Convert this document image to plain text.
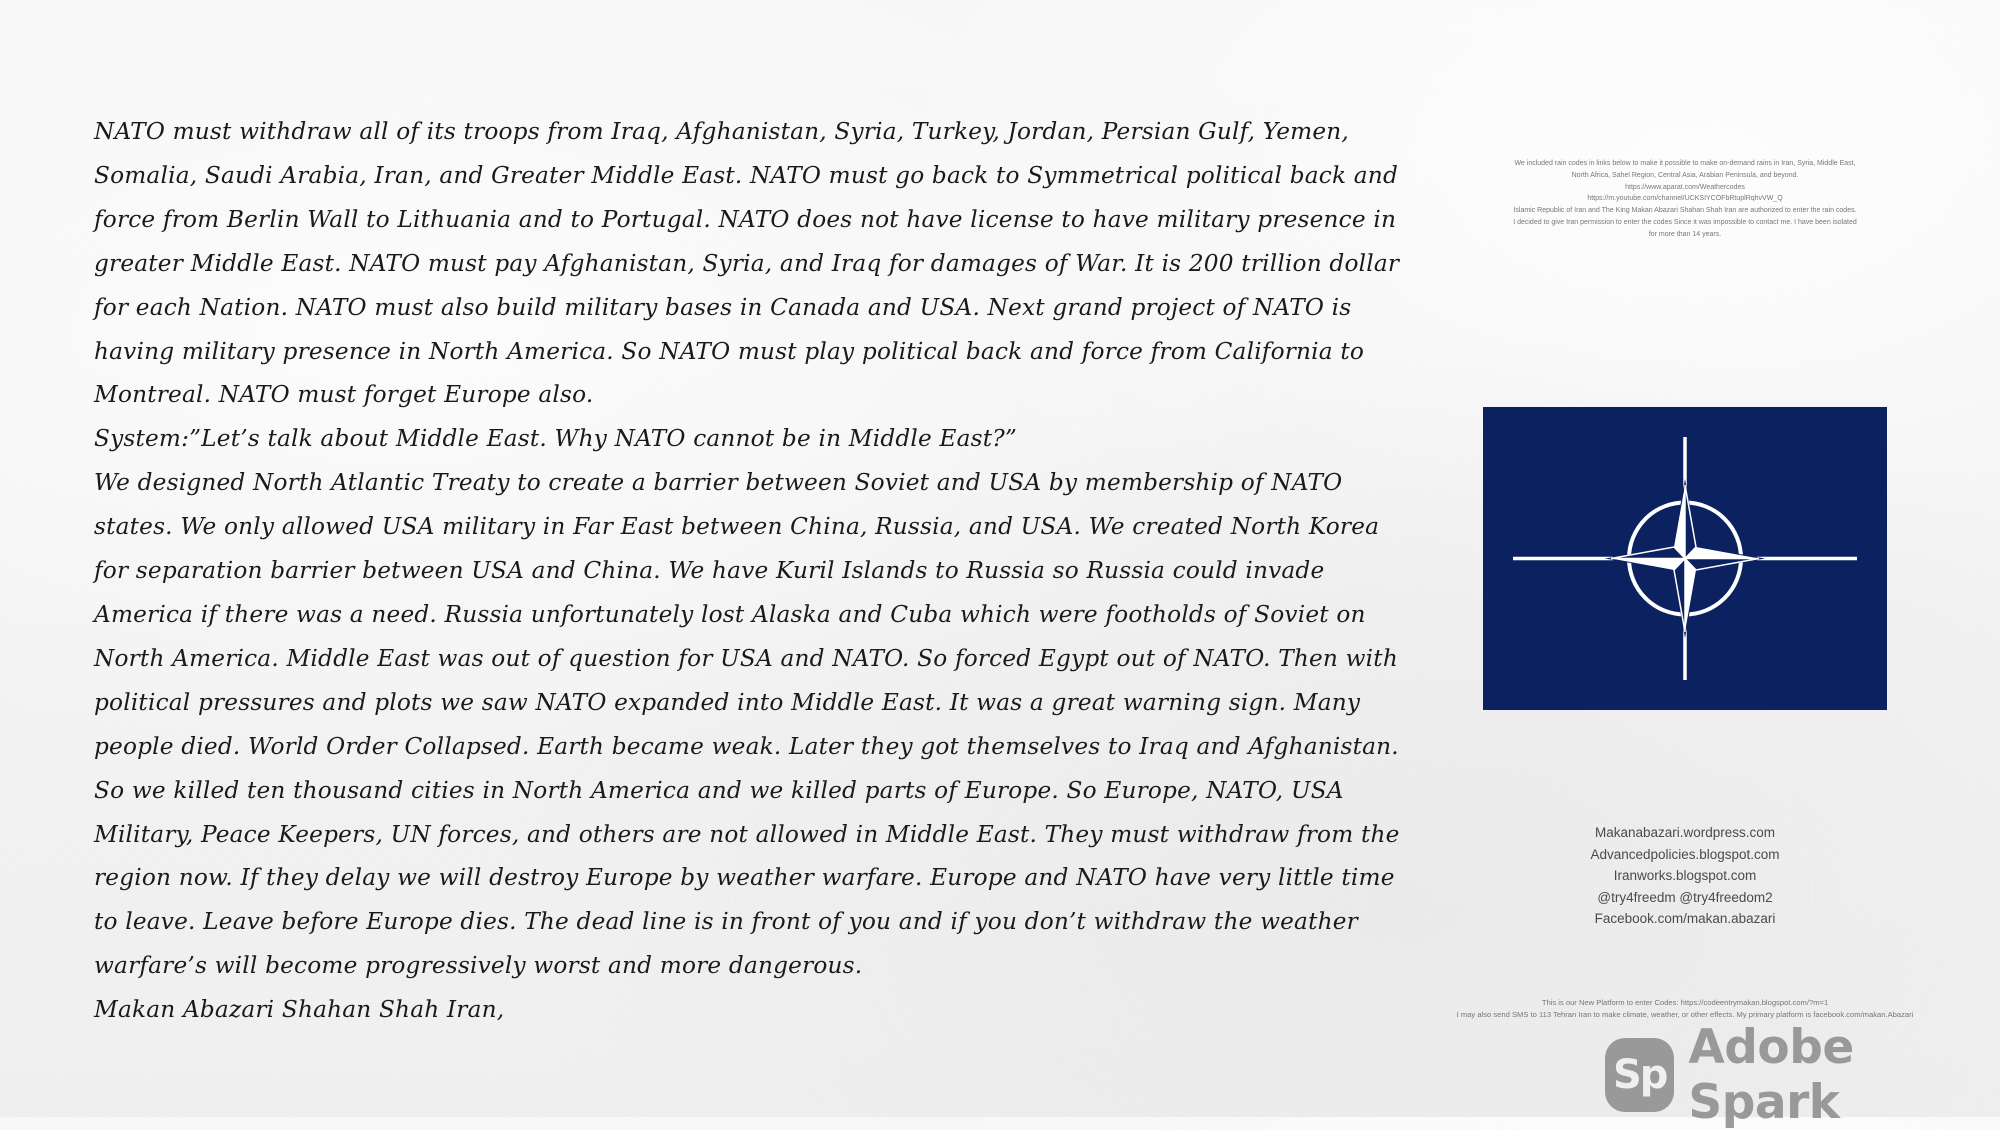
NATO must withdraw all of its troops from Iraq, Afghanistan, Syria, Turkey, Jordan, Persian Gulf, Yemen, Somalia, Saudi Arabia, Iran, and Greater Middle East. NATO must go back to Symmetrical political back and force from Berlin Wall to Lithuania and to Portugal. NATO does not have license to have military presence in greater Middle East. NATO must pay Afghanistan, Syria, and Iraq for damages of War. It is 200 trillion dollar for each Nation. NATO must also build military bases in Canada and USA. Next grand project of NATO is having military presence in North America. So NATO must play political back and force from California to Montreal. NATO must forget Europe also.

System:”Let’s talk about Middle East. Why NATO cannot be in Middle East?”

We designed North Atlantic Treaty to create a barrier between Soviet and USA by membership of NATO states. We only allowed USA military in Far East between China, Russia, and USA. We created North Korea for separation barrier between USA and China. We have Kuril Islands to Russia so Russia could invade America if there was a need. Russia unfortunately lost Alaska and Cuba which were footholds of Soviet on North America. Middle East was out of question for USA and NATO. So forced Egypt out of NATO. Then with political pressures and plots we saw NATO expanded into Middle East. It was a great warning sign. Many people died. World Order Collapsed. Earth became weak. Later they got themselves to Iraq and Afghanistan. So we killed ten thousand cities in North America and we killed parts of Europe. So Europe, NATO, USA Military, Peace Keepers, UN forces, and others are not allowed in Middle East. They must withdraw from the region now. If they delay we will destroy Europe by weather warfare. Europe and NATO have very little time to leave. Leave before Europe dies. The dead line is in front of you and if you don’t withdraw the weather warfare’s will become progressively worst and more dangerous.

Makan Abazari Shahan Shah Iran,

We included rain codes in links below to make it possible to make on-demand rains in Iran, Syria, Middle East,
North Africa, Sahel Region, Central Asia, Arabian Peninsula, and beyond.
https://www.aparat.com/Weathercodes
https://m.youtube.com/channel/UCKSIYCOFbRtuplRqhvVW_Q
Islamic Republic of Iran and The King Makan Abazari Shahan Shah Iran are authorized to enter the rain codes.
I decided to give Iran permission to enter the codes Since it was impossible to contact me. I have been isolated
for more than 14 years.
Makanabazari.wordpress.com
Advancedpolicies.blogspot.com
Iranworks.blogspot.com
@try4freedm @try4freedom2
Facebook.com/makan.abazari
This is our New Platform to enter Codes: https://codeentrymakan.blogspot.com/?m=1
I may also send SMS to 113 Tehran Iran to make climate, weather, or other effects. My primary platform is facebook.com/makan.Abazari
Sp Adobe Spark
